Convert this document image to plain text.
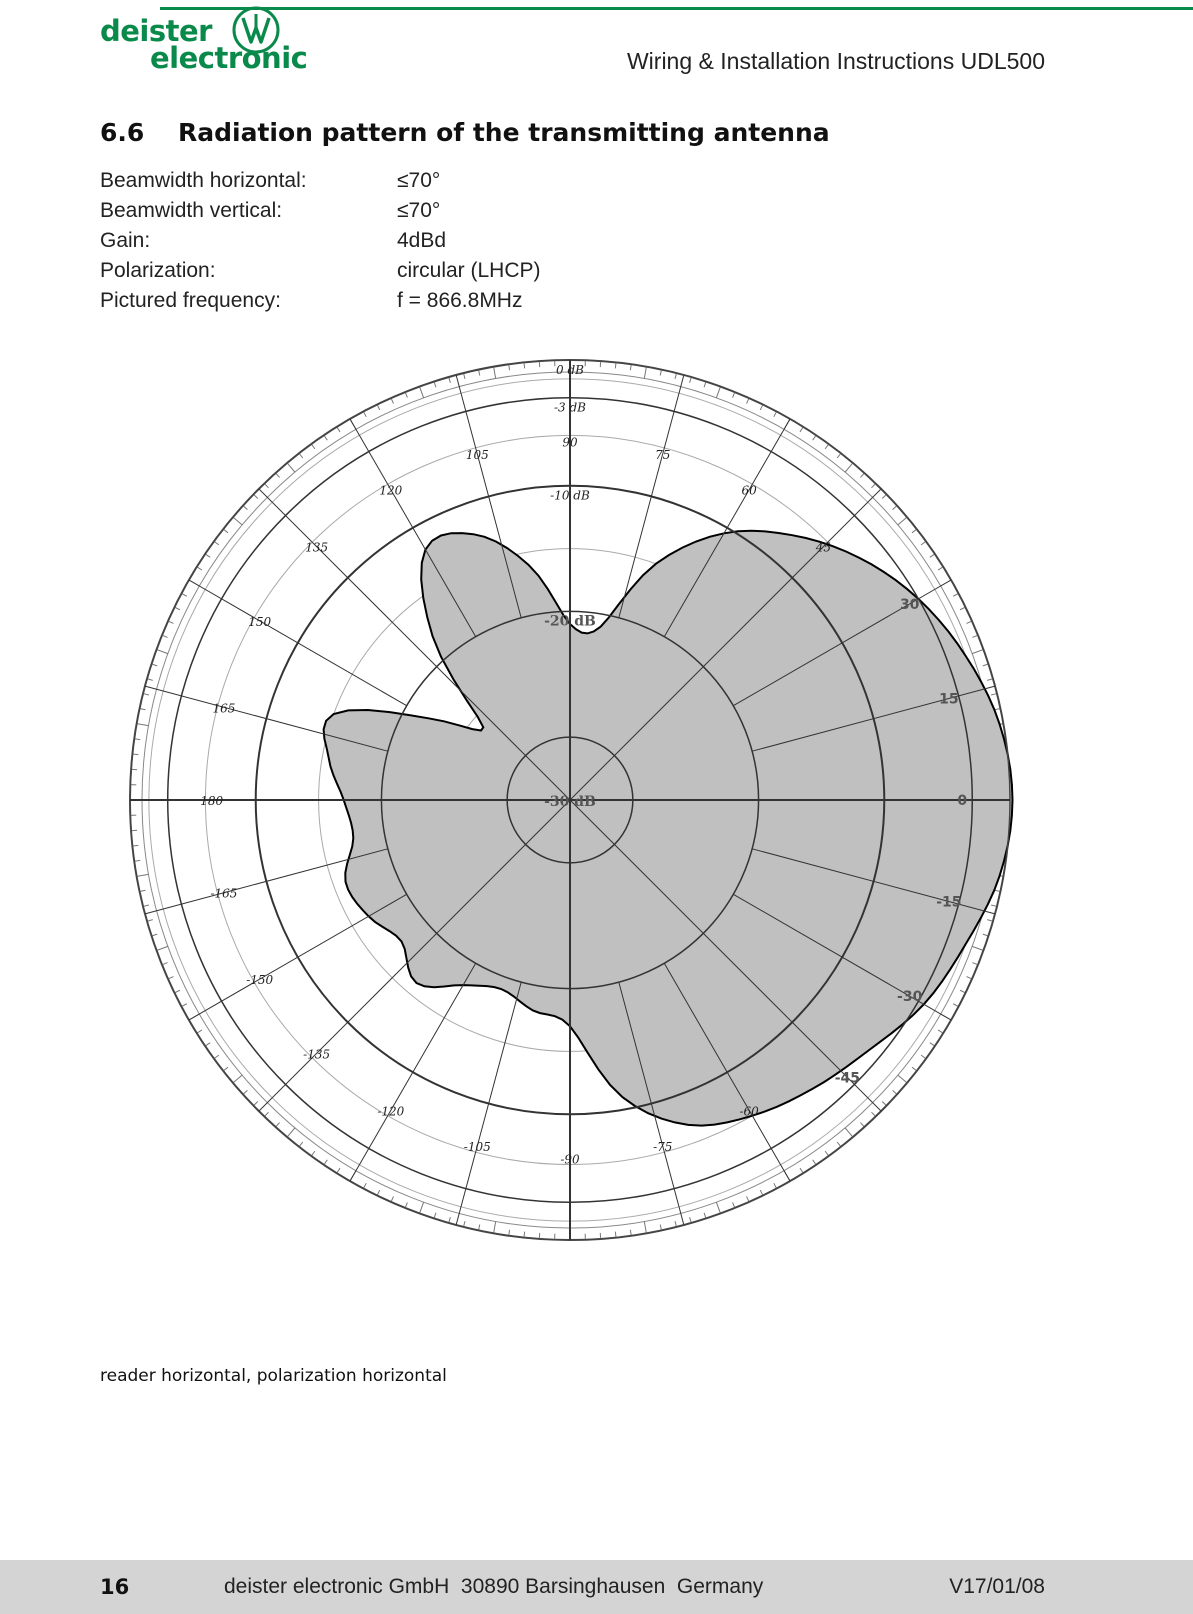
deister
electronic	Wiring & Installation Instructions UDL500
6.6 Radiation pattern of the transmitting antenna
Beamwidth horizontal:	≤70°
Beamwidth vertical:	≤70°
Gain:	4dBd
Polarization:	circular (LHCP)
Pictured frequency:	f = 866.8MHz
0 dB
-3 dB
-10 dB
-20 dB
-30 dB
90
75
60
45
105
120
135
150
165
180
-165
-150
-135
-120
-105
-90
-75
-60
30
15
0
-15
-30
-45
reader horizontal, polarization horizontal
16	deister electronic GmbH  30890 Barsinghausen  Germany	V17/01/08
